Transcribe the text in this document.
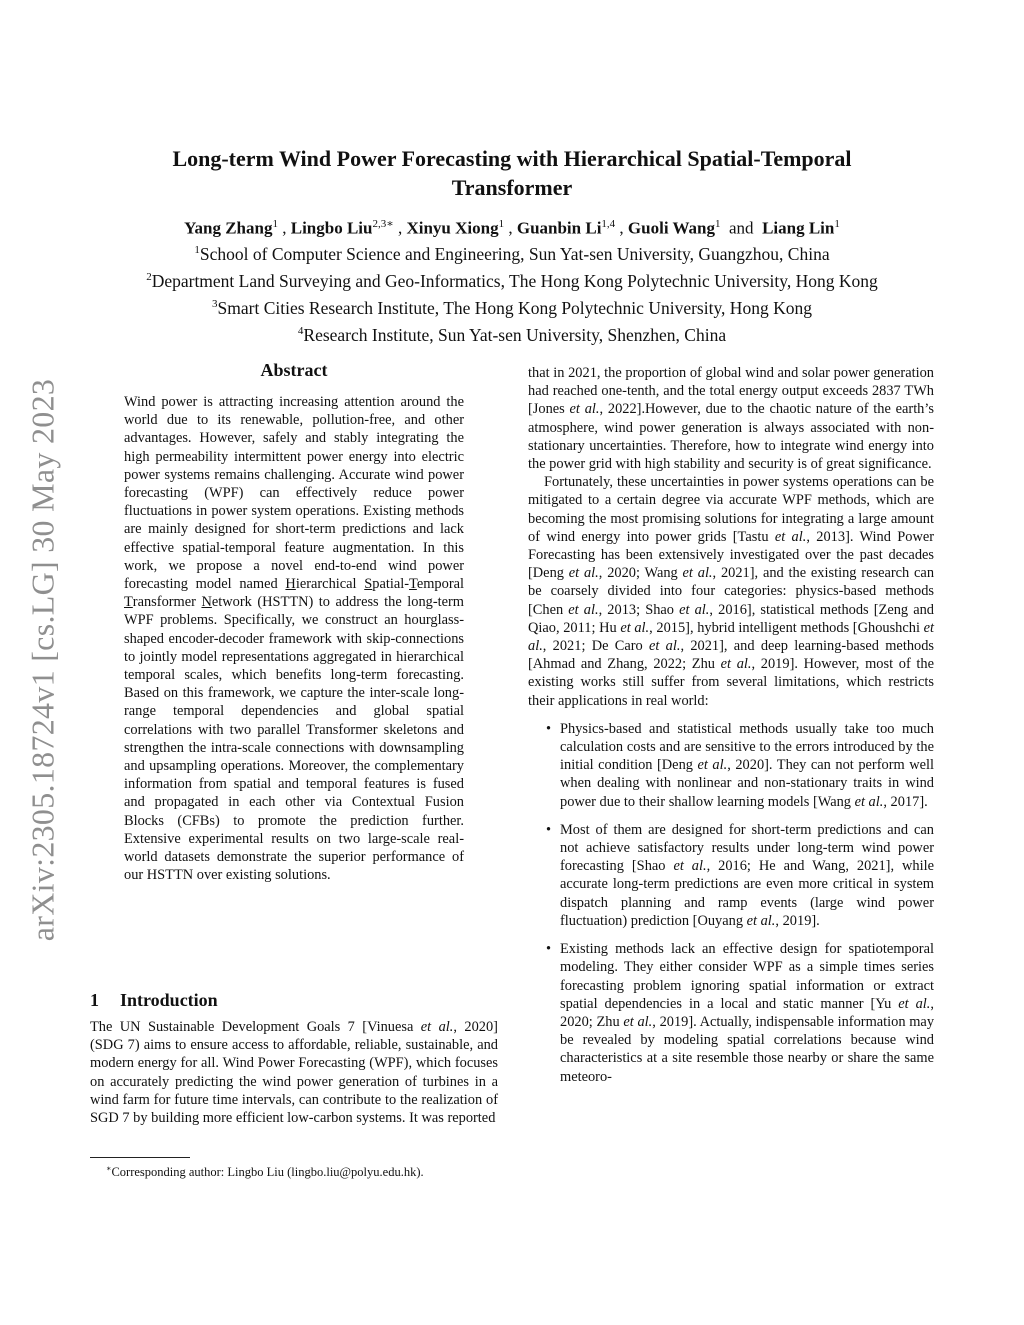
arXiv:2305.18724v1 [cs.LG] 30 May 2023
Long-term Wind Power Forecasting with Hierarchical Spatial-Temporal
Transformer
Yang Zhang$^1$ , Lingbo Liu$^{2,3∗}$ , Xinyu Xiong$^1$ , Guanbin Li$^{1,4}$ , Guoli Wang$^1$ and Liang Lin$^1$
$^1$School of Computer Science and Engineering, Sun Yat-sen University, Guangzhou, China
$^2$Department Land Surveying and Geo-Informatics, The Hong Kong Polytechnic University, Hong Kong
$^3$Smart Cities Research Institute, The Hong Kong Polytechnic University, Hong Kong
$^4$Research Institute, Sun Yat-sen University, Shenzhen, China
Abstract
Wind power is attracting increasing attention around the world due to its renewable, pollution-free, and other advantages. However, safely and stably integrating the high permeability intermittent power energy into electric power systems remains challenging. Accurate wind power forecasting (WPF) can effectively reduce power fluctuations in power system operations. Existing methods are mainly designed for short-term predictions and lack effective spatial-temporal feature augmentation. In this work, we propose a novel end-to-end wind power forecasting model named Hierarchical Spatial-Temporal Transformer Network (HSTTN) to address the long-term WPF problems. Specifically, we construct an hourglass-shaped encoder-decoder framework with skip-connections to jointly model representations aggregated in hierarchical temporal scales, which benefits long-term forecasting. Based on this framework, we capture the inter-scale long-range temporal dependencies and global spatial correlations with two parallel Transformer skeletons and strengthen the intra-scale connections with downsampling and upsampling operations. Moreover, the complementary information from spatial and temporal features is fused and propagated in each other via Contextual Fusion Blocks (CFBs) to promote the prediction further. Extensive experimental results on two large-scale real-world datasets demonstrate the superior performance of our HSTTN over existing solutions.
1 Introduction
The UN Sustainable Development Goals 7 [Vinuesa et al., 2020] (SDG 7) aims to ensure access to affordable, reliable, sustainable, and modern energy for all. Wind Power Forecasting (WPF), which focuses on accurately predicting the wind power generation of turbines in a wind farm for future time intervals, can contribute to the realization of SGD 7 by building more efficient low-carbon systems. It was reported
∗Corresponding author: Lingbo Liu (lingbo.liu@polyu.edu.hk).

that in 2021, the proportion of global wind and solar power generation had reached one-tenth, and the total energy output exceeds 2837 TWh [Jones et al., 2022].However, due to the chaotic nature of the earth’s atmosphere, wind power generation is always associated with non-stationary uncertainties. Therefore, how to integrate wind energy into the power grid with high stability and security is of great significance.

Fortunately, these uncertainties in power systems operations can be mitigated to a certain degree via accurate WPF methods, which are becoming the most promising solutions for integrating a large amount of wind energy into power grids [Tastu et al., 2013]. Wind Power Forecasting has been extensively investigated over the past decades [Deng et al., 2020; Wang et al., 2021], and the existing research can be coarsely divided into four categories: physics-based methods [Chen et al., 2013; Shao et al., 2016], statistical methods [Zeng and Qiao, 2011; Hu et al., 2015], hybrid intelligent methods [Ghoushchi et al., 2021; De Caro et al., 2021], and deep learning-based methods [Ahmad and Zhang, 2022; Zhu et al., 2019]. However, most of the existing works still suffer from several limitations, which restricts their applications in real world:

• Physics-based and statistical methods usually take too much calculation costs and are sensitive to the errors introduced by the initial condition [Deng et al., 2020]. They can not perform well when dealing with nonlinear and non-stationary traits in wind power due to their shallow learning models [Wang et al., 2017].
• Most of them are designed for short-term predictions and can not achieve satisfactory results under long-term wind power forecasting [Shao et al., 2016; He and Wang, 2021], while accurate long-term predictions are even more critical in system dispatch planning and ramp events (large wind power fluctuation) prediction [Ouyang et al., 2019].
• Existing methods lack an effective design for spatiotemporal modeling. They either consider WPF as a simple times series forecasting problem ignoring spatial information or extract spatial dependencies in a local and static manner [Yu et al., 2020; Zhu et al., 2019]. Actually, indispensable information may be revealed by modeling spatial correlations because wind characteristics at a site resemble those nearby or share the same meteoro-
